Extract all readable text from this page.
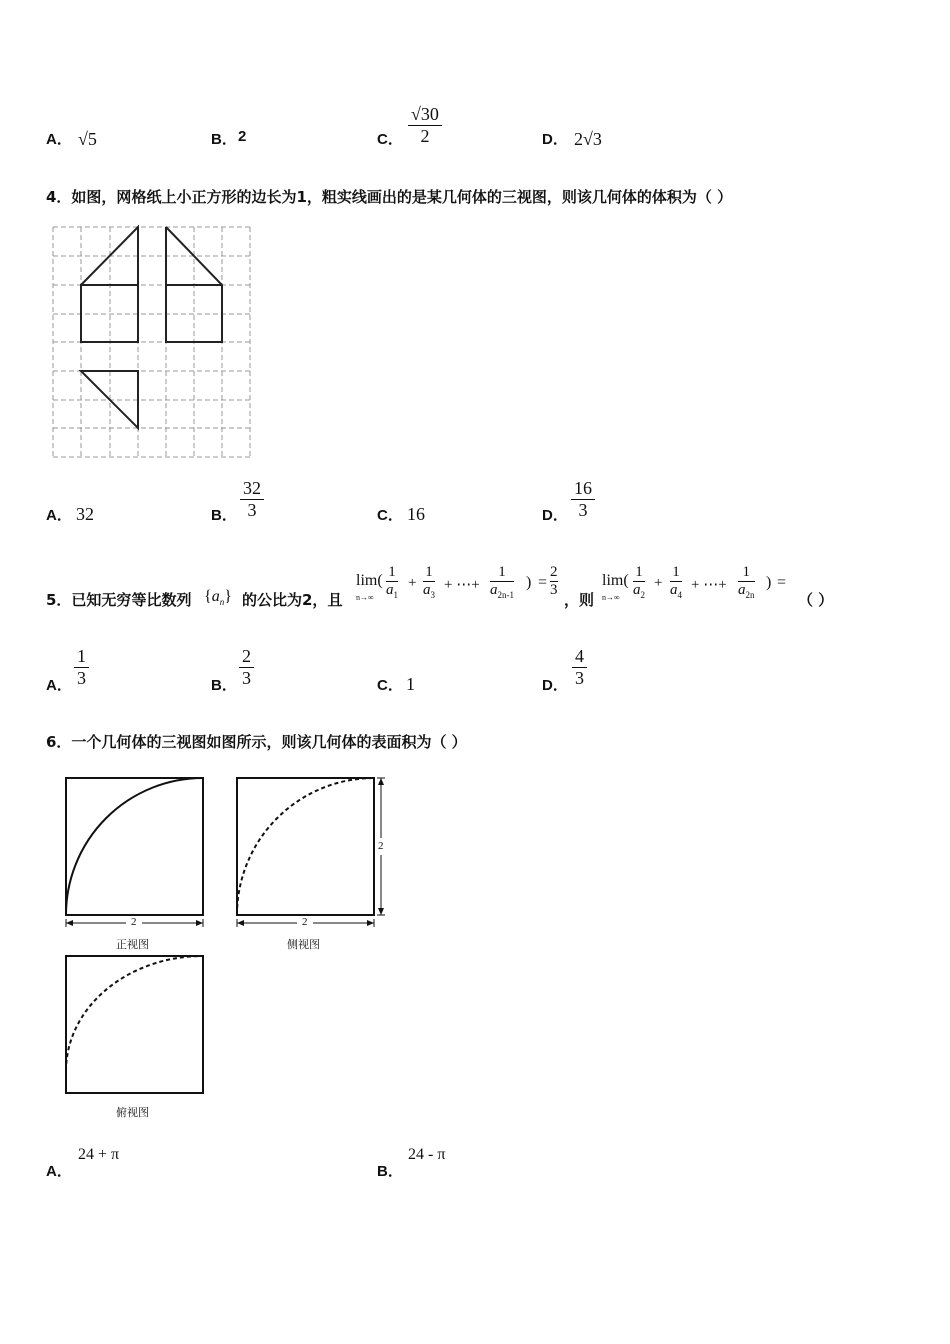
A． √5	B． 2	C．
√30
2	D． 2√3
4．如图，网格纸上小正方形的边长为1，粗实线画出的是某几何体的三视图，则该几何体的体积为（ ）
A． 32	B．
32
3	C． 16	D．
16
3
5．已知无穷等比数列 $\{a_n\}$ 的公比为2，且
lim(
n→∞
1
$a_1$
+
1
$a_3$
+ ⋯+
1
$a_{2n-1}$
) =
2
3
，则
lim(
n→∞
1
$a_2$
+
1
$a_4$
+ ⋯+
1
$a_{2n}$
) =
（ ）
A．
1
3	B．
2
3	C． 1	D．
4
3
6．一个几何体的三视图如图所示，则该几何体的表面积为（ ）
2
正视图
2
2
侧视图
俯视图
A．
24 + π
B．
24 - π
